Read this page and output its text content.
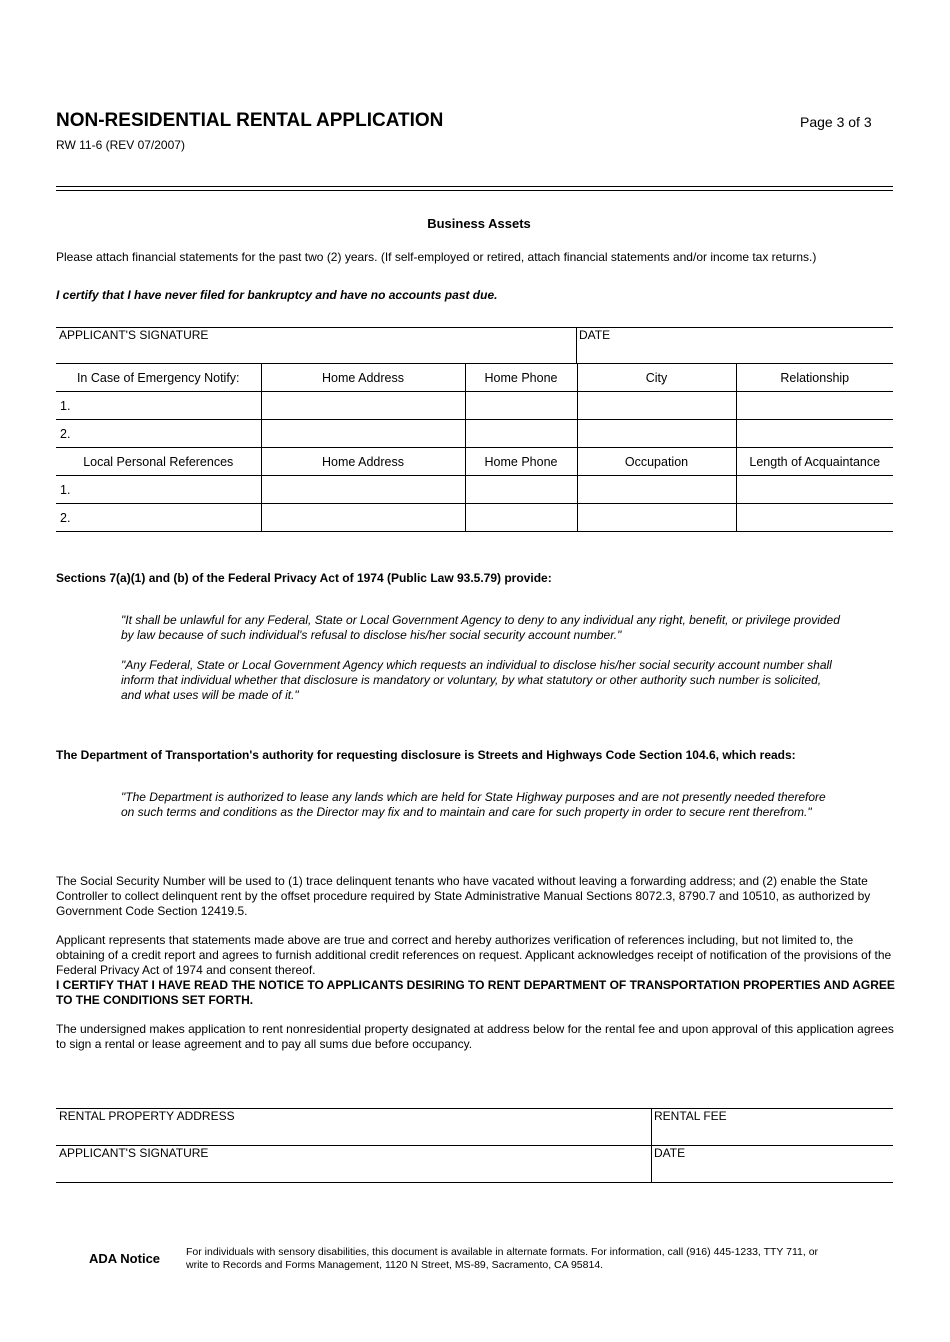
NON-RESIDENTIAL RENTAL APPLICATION	Page 3 of 3
RW 11-6 (REV 07/2007)
Business Assets
Please attach financial statements for the past two (2) years. (If self-employed or retired, attach financial statements and/or income tax returns.)
I certify that I have never filed for bankruptcy and have no accounts past due.
APPLICANT'S SIGNATURE	DATE
In Case of Emergency Notify:	Home Address	Home Phone	City	Relationship
1.				
2.				
Local Personal References	Home Address	Home Phone	Occupation	Length of Acquaintance
1.				
2.				
Sections 7(a)(1) and (b) of the Federal Privacy Act of 1974 (Public Law 93.5.79) provide:
"It shall be unlawful for any Federal, State or Local Government Agency to deny to any individual any right, benefit, or privilege provided by law because of such individual's refusal to disclose his/her social security account number."
"Any Federal, State or Local Government Agency which requests an individual to disclose his/her social security account number shall inform that individual whether that disclosure is mandatory or voluntary, by what statutory or other authority such number is solicited, and what uses will be made of it."
The Department of Transportation's authority for requesting disclosure is Streets and Highways Code Section 104.6, which reads:
"The Department is authorized to lease any lands which are held for State Highway purposes and are not presently needed therefore on such terms and conditions as the Director may fix and to maintain and care for such property in order to secure rent therefrom."
The Social Security Number will be used to (1) trace delinquent tenants who have vacated without leaving a forwarding address; and (2) enable the State Controller to collect delinquent rent by the offset procedure required by State Administrative Manual Sections 8072.3, 8790.7 and 10510, as authorized by Government Code Section 12419.5.
Applicant represents that statements made above are true and correct and hereby authorizes verification of references including, but not limited to, the obtaining of a credit report and agrees to furnish additional credit references on request. Applicant acknowledges receipt of notification of the provisions of the Federal Privacy Act of 1974 and consent thereof.
I CERTIFY THAT I HAVE READ THE NOTICE TO APPLICANTS DESIRING TO RENT DEPARTMENT OF TRANSPORTATION PROPERTIES AND AGREE TO THE CONDITIONS SET FORTH.
The undersigned makes application to rent nonresidential property designated at address below for the rental fee and upon approval of this application agrees to sign a rental or lease agreement and to pay all sums due before occupancy.
RENTAL PROPERTY ADDRESS	RENTAL FEE
APPLICANT'S SIGNATURE	DATE
ADA Notice For individuals with sensory disabilities, this document is available in alternate formats. For information, call (916) 445-1233, TTY 711, or write to Records and Forms Management, 1120 N Street, MS-89, Sacramento, CA 95814.
